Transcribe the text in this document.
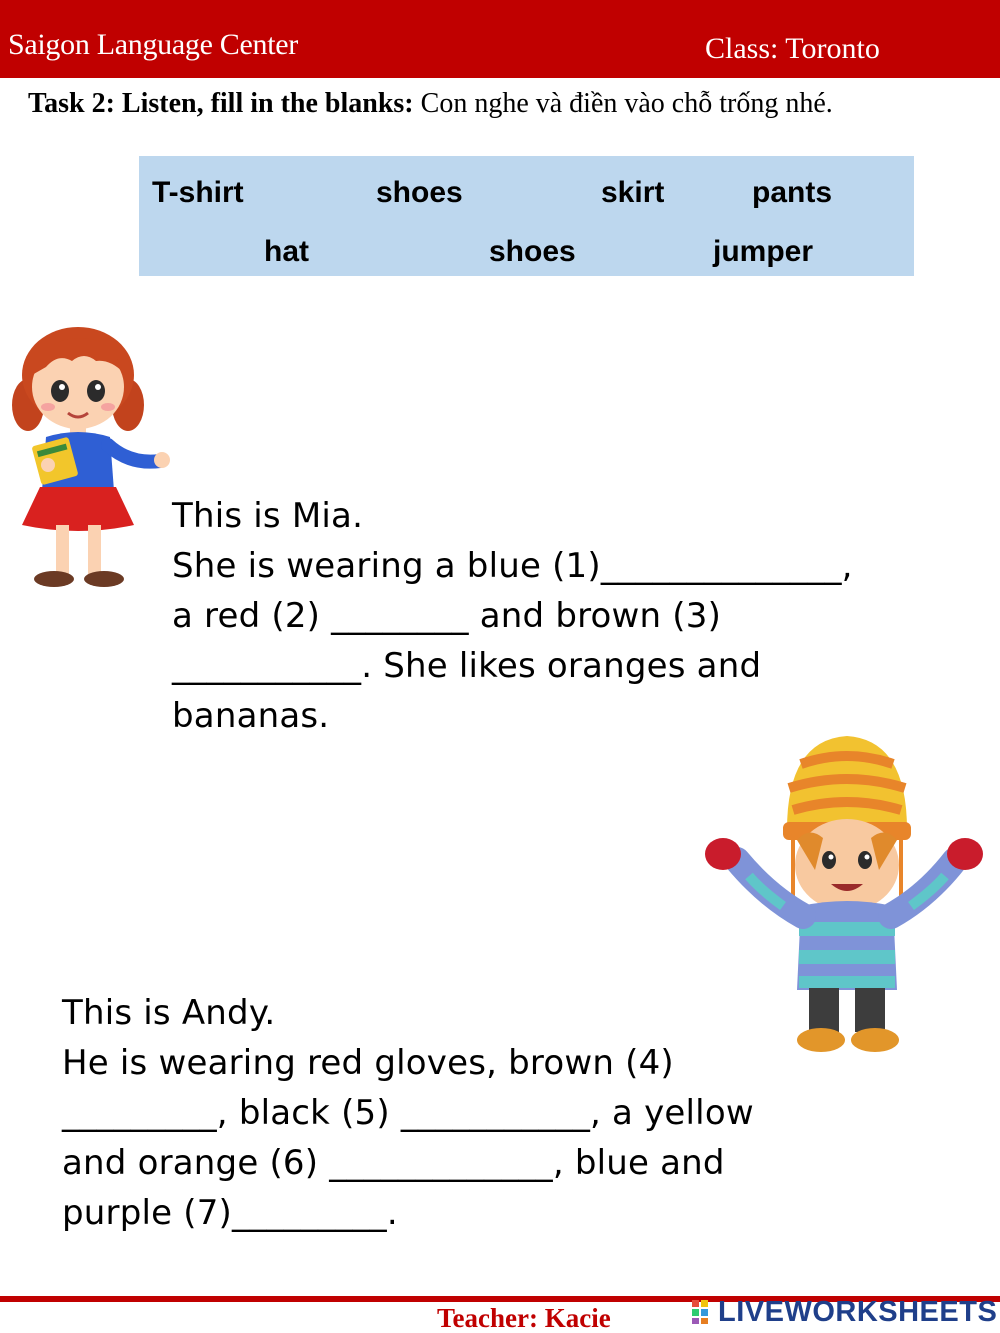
Saigon Language Center	Class: Toronto
Task 2: Listen, fill in the blanks: Con nghe và điền vào chỗ trống nhé.
T-shirt	shoes	skirt	pants
hat	shoes	jumper
This is Mia.
She is wearing a blue (1)______________,
a red (2) ________ and brown (3)
___________. She likes oranges and
bananas.
This is Andy.
He is wearing red gloves, brown (4)
_________, black (5) ___________, a yellow
and orange (6) _____________, blue and
purple (7)_________.
Teacher: Kacie	LIVEWORKSHEETS
